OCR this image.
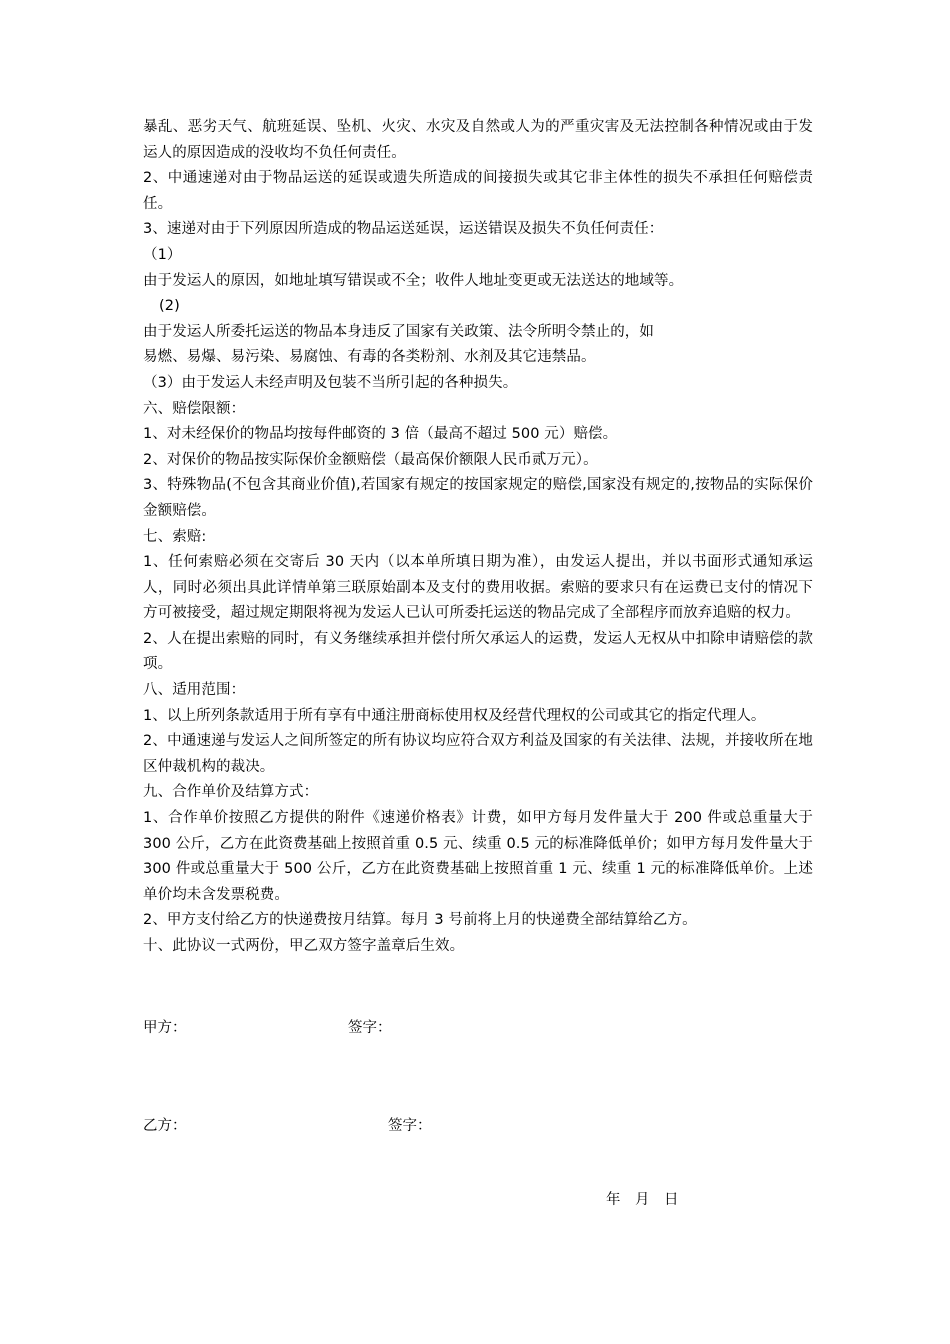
暴乱、恶劣天气、航班延误、坠机、火灾、水灾及自然或人为的严重灾害及无法控制各种情况或由于发运人的原因造成的没收均不负任何责任。

2、中通速递对由于物品运送的延误或遗失所造成的间接损失或其它非主体性的损失不承担任何赔偿责任。

3、速递对由于下列原因所造成的物品运送延误，运送错误及损失不负任何责任：

（1）

由于发运人的原因，如地址填写错误或不全；收件人地址变更或无法送达的地域等。

(2)

由于发运人所委托运送的物品本身违反了国家有关政策、法令所明令禁止的，如

易燃、易爆、易污染、易腐蚀、有毒的各类粉剂、水剂及其它违禁品。

（3）由于发运人未经声明及包装不当所引起的各种损失。

六、赔偿限额：

1、对未经保价的物品均按每件邮资的 3 倍（最高不超过 500 元）赔偿。

2、对保价的物品按实际保价金额赔偿（最高保价额限人民币贰万元）。

3、特殊物品(不包含其商业价值),若国家有规定的按国家规定的赔偿,国家没有规定的,按物品的实际保价金额赔偿。

七、索赔:

1、任何索赔必须在交寄后 30 天内（以本单所填日期为准），由发运人提出，并以书面形式通知承运人，同时必须出具此详情单第三联原始副本及支付的费用收据。索赔的要求只有在运费已支付的情况下方可被接受，超过规定期限将视为发运人已认可所委托运送的物品完成了全部程序而放弃追赔的权力。

2、人在提出索赔的同时，有义务继续承担并偿付所欠承运人的运费，发运人无权从中扣除申请赔偿的款项。

八、适用范围：

1、以上所列条款适用于所有享有中通注册商标使用权及经营代理权的公司或其它的指定代理人。

2、中通速递与发运人之间所签定的所有协议均应符合双方利益及国家的有关法律、法规，并接收所在地区仲裁机构的裁决。

九、合作单价及结算方式：

1、合作单价按照乙方提供的附件《速递价格表》计费，如甲方每月发件量大于 200 件或总重量大于 300 公斤，乙方在此资费基础上按照首重 0.5 元、续重 0.5 元的标准降低单价；如甲方每月发件量大于 300 件或总重量大于 500 公斤，乙方在此资费基础上按照首重 1 元、续重 1 元的标准降低单价。上述单价均未含发票税费。

2、甲方支付给乙方的快递费按月结算。每月 3 号前将上月的快递费全部结算给乙方。

十、此协议一式两份，甲乙双方签字盖章后生效。

甲方：	签字：
乙方：	签字：
年　月　日
